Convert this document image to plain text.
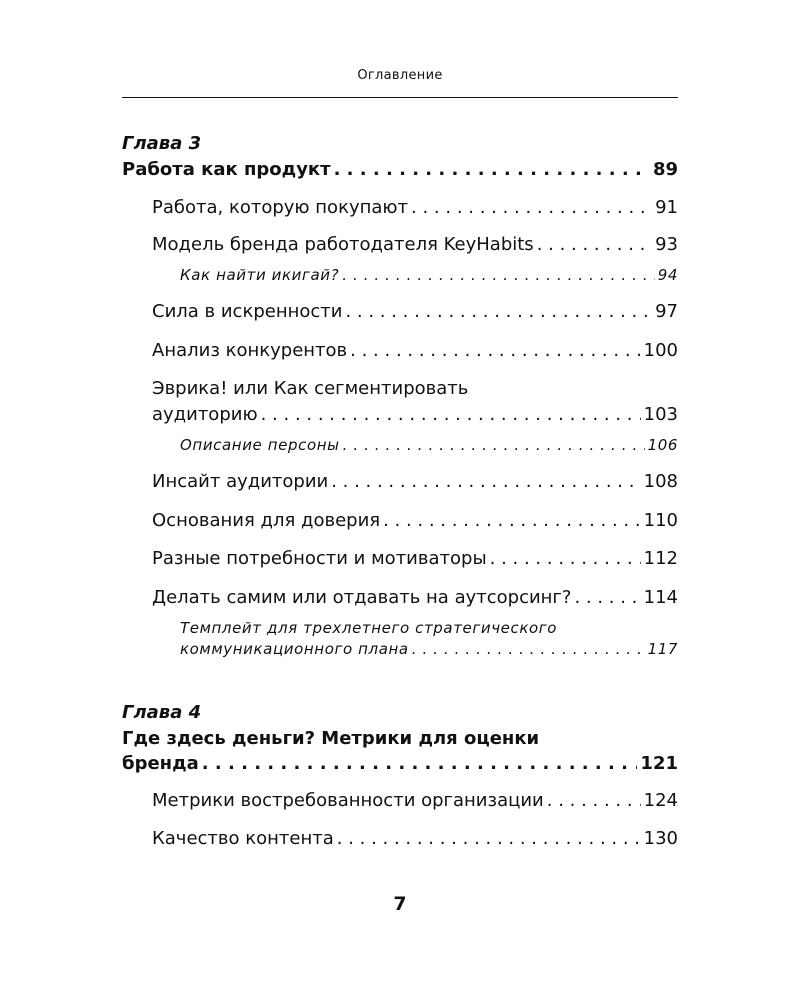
Оглавление
Глава 3
Работа как продукт . . .	89
Работа, которую покупают . . .	91
Модель бренда работодателя KeyHabits . . .	93
Как найти икигай? . . .	94
Сила в искренности . . .	97
Анализ конкурентов . . .	100
Эврика! или Как сегментировать
аудиторию . . .	103
Описание персоны . . .	106
Инсайт аудитории . . .	108
Основания для доверия . . .	110
Разные потребности и мотиваторы . . .	112
Делать самим или отдавать на аутсорсинг? . . .	114
Темплейт для трехлетнего стратегического
коммуникационного плана . . .	117
Глава 4
Где здесь деньги? Метрики для оценки
бренда . . .	121
Метрики востребованности организации . . .	124
Качество контента . . .	130
7
